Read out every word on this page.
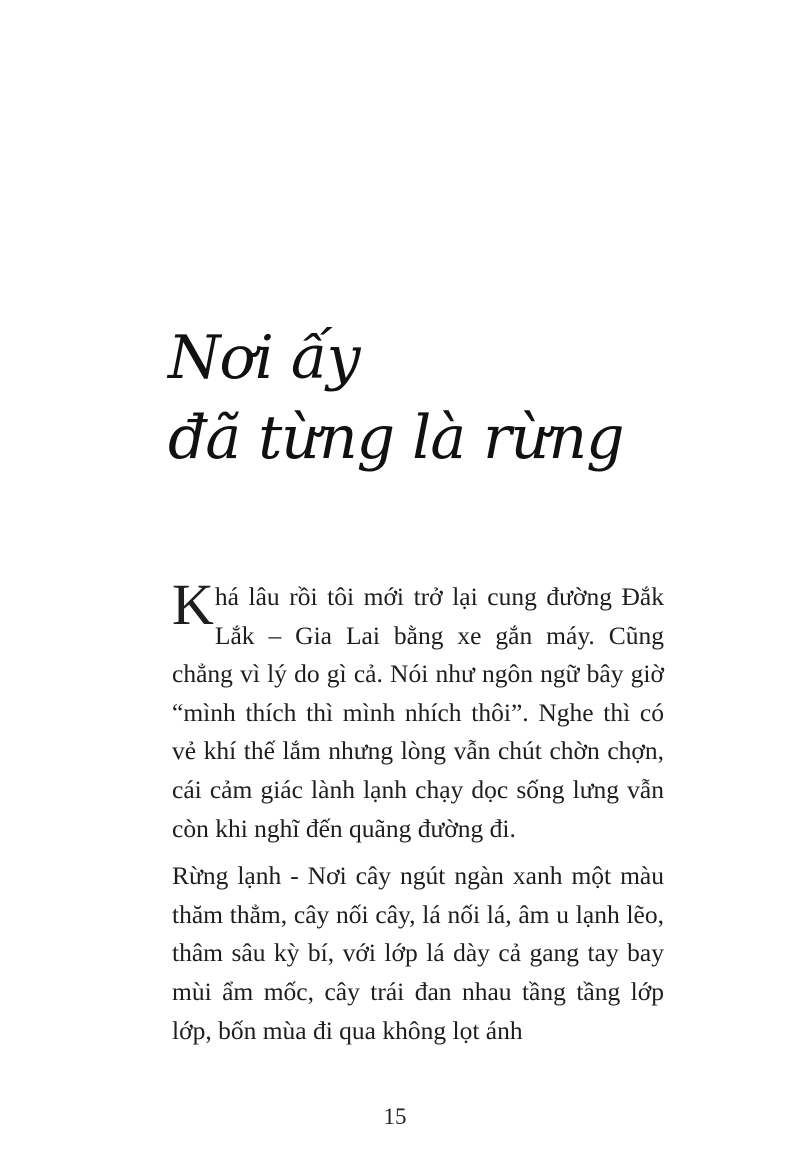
Nơi ấy
đã từng là rừng

Khá lâu rồi tôi mới trở lại cung đường Đắk Lắk – Gia Lai bằng xe gắn máy. Cũng chẳng vì lý do gì cả. Nói như ngôn ngữ bây giờ “mình thích thì mình nhích thôi”. Nghe thì có vẻ khí thế lắm nhưng lòng vẫn chút chờn chợn, cái cảm giác lành lạnh chạy dọc sống lưng vẫn còn khi nghĩ đến quãng đường đi.

Rừng lạnh - Nơi cây ngút ngàn xanh một màu thăm thẳm, cây nối cây, lá nối lá, âm u lạnh lẽo, thâm sâu kỳ bí, với lớp lá dày cả gang tay bay mùi ẩm mốc, cây trái đan nhau tầng tầng lớp lớp, bốn mùa đi qua không lọt ánh

15
